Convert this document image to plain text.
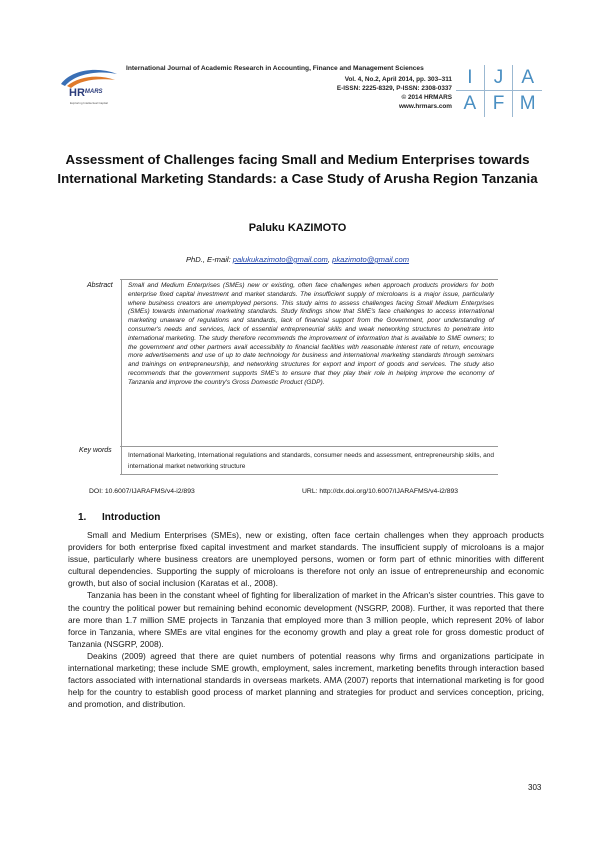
$HR^{MARS}$
Exploring Intellectual Capital
International Journal of Academic Research in Accounting, Finance and Management Sciences
Vol. 4, No.2, April 2014, pp. 303–311
E-ISSN: 2225-8329, P-ISSN: 2308-0337
© 2014 HRMARS
www.hrmars.com
I	J A
A F M
Assessment of Challenges facing Small and Medium Enterprises towards International Marketing Standards: a Case Study of Arusha Region Tanzania
Paluku KAZIMOTO
PhD., E-mail: palukukazimoto@gmail.com, pkazimoto@gmail.com
Abstract Small and Medium Enterprises (SMEs) new or existing, often face challenges when approach products providers for both enterprise fixed capital investment and market standards. The insufficient supply of microloans is a major issue, particularly where business creators are unemployed persons. This study aims to assess challenges facing Small Medium Enterprises (SMEs) towards international marketing standards. Study findings show that SME's face challenges to access international marketing unaware of regulations and standards, lack of financial support from the Government, poor understanding of consumer's needs and services, lack of essential entrepreneurial skills and weak networking structures to penetrate into international marketing. The study therefore recommends the improvement of information that is available to SME owners; to the government and other partners avail accessibility to financial facilities with reasonable interest rate of return, encourage more advertisements and use of up to date technology for business and international marketing standards through seminars and trainings on entrepreneurship, and networking structures for export and import of goods and services. The study also recommends that the government supports SME's to ensure that they play their role in helping improve the economy of Tanzania and improve the country's Gross Domestic Product (GDP).
Key words
International Marketing, International regulations and standards, consumer needs and assessment, entrepreneurship skills, and international market networking structure
DOI: 10.6007/IJARAFMS/v4-i2/893	URL: http://dx.doi.org/10.6007/IJARAFMS/v4-i2/893
1. Introduction

Small and Medium Enterprises (SMEs), new or existing, often face certain challenges when they approach products providers for both enterprise fixed capital investment and market standards. The insufficient supply of microloans is a major issue, particularly where business creators are unemployed persons, women or form part of ethnic minorities with different cultural dependencies. Supporting the supply of microloans is therefore not only an issue of entrepreneurship and economic growth, but also of social inclusion (Karatas et al., 2008).

Tanzania has been in the constant wheel of fighting for liberalization of market in the African's sister countries. This gave to the country the political power but remaining behind economic development (NSGRP, 2008). Further, it was reported that there are more than 1.7 million SME projects in Tanzania that employed more than 3 million people, which represent 20% of labor force in Tanzania, where SMEs are vital engines for the economy growth and play a great role for gross domestic product of Tanzania (NSGRP, 2008).

Deakins (2009) agreed that there are quiet numbers of potential reasons why firms and organizations participate in international marketing; these include SME growth, employment, sales increment, marketing benefits through interaction based factors associated with international standards in overseas markets. AMA (2007) reports that international marketing is for good help for the country to establish good process of market planning and strategies for product and services conception, pricing, and promotion, and distribution.

303
